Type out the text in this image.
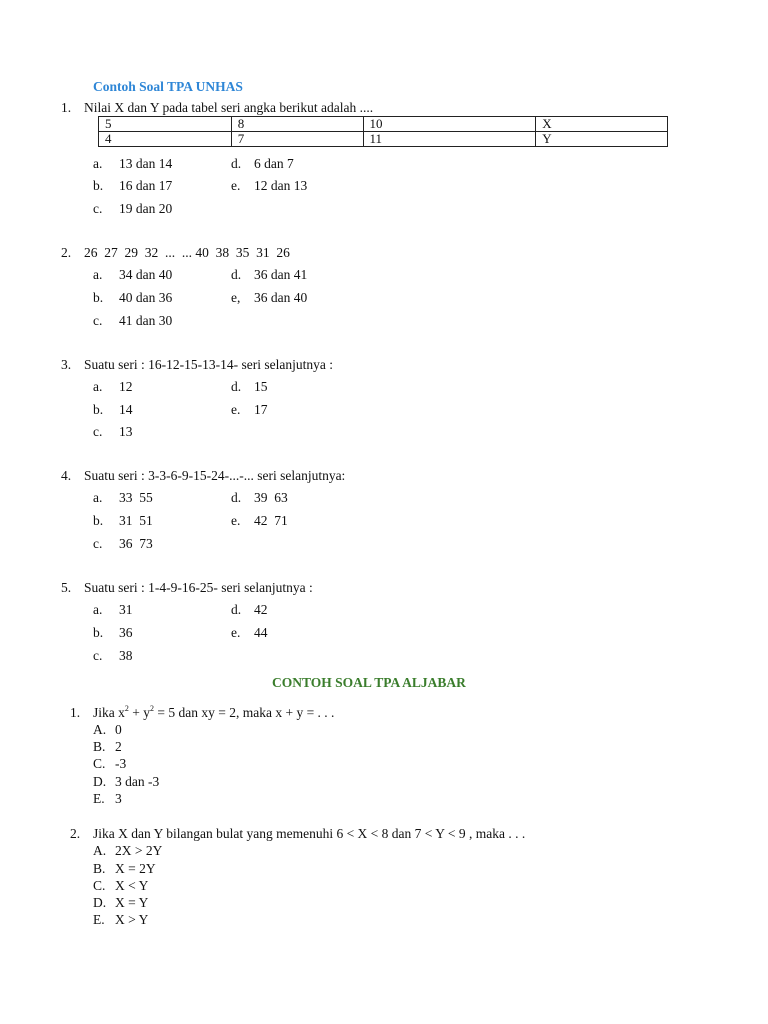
Contoh Soal TPA UNHAS
1. Nilai X dan Y pada tabel seri angka berikut adalah ....
5	8	10	X
4	7	11	Y
a. 13 dan 14	d. 6 dan 7
b. 16 dan 17	e. 12 dan 13
c. 19 dan 20
2. 26  27  29  32  ...  ... 40  38  35  31  26
a. 34 dan 40	d. 36 dan 41
b. 40 dan 36	e, 36 dan 40
c. 41 dan 30
3. Suatu seri : 16-12-15-13-14- seri selanjutnya :
a. 12	d. 15
b. 14	e. 17
c. 13
4. Suatu seri : 3-3-6-9-15-24-...-... seri selanjutnya:
a. 33  55	d. 39  63
b. 31  51	e. 42  71
c. 36  73
5. Suatu seri : 1-4-9-16-25- seri selanjutnya :
a. 31	d. 42
b. 36	e. 44
c. 38
CONTOH SOAL TPA ALJABAR
1. Jika $x^2 + y^2 = 5$ dan xy = 2, maka x + y = . . .
A. 0
B. 2
C. -3
D. 3 dan -3
E. 3
2. Jika X dan Y bilangan bulat yang memenuhi 6 < X < 8 dan 7 < Y < 9 , maka . . .
A. 2X > 2Y
B. X = 2Y
C. X < Y
D. X = Y
E. X > Y
